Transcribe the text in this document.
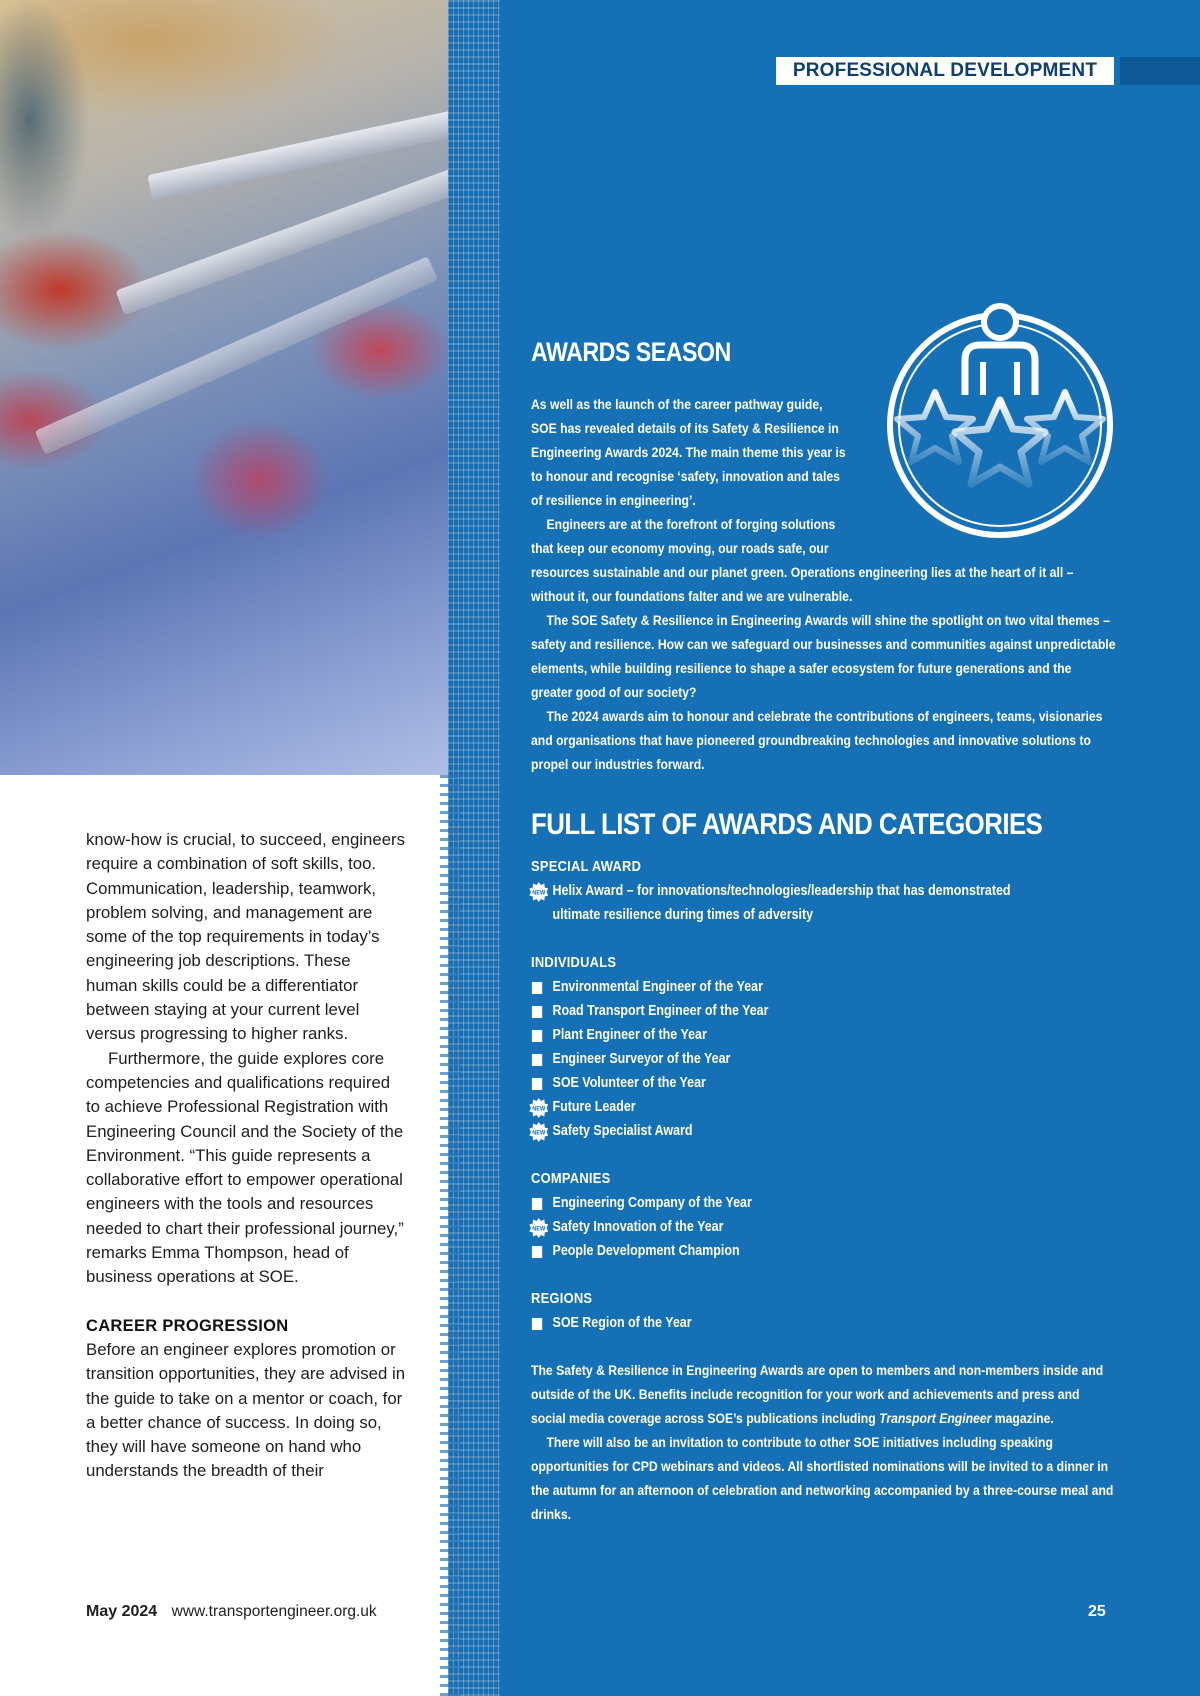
PROFESSIONAL DEVELOPMENT
AWARDS SEASON

As well as the launch of the career pathway guide, SOE has revealed details of its Safety & Resilience in Engineering Awards 2024. The main theme this year is to honour and recognise ‘safety, innovation and tales of resilience in engineering’.

Engineers are at the forefront of forging solutions that keep our economy moving, our roads safe, our

resources sustainable and our planet green. Operations engineering lies at the heart of it all – without it, our foundations falter and we are vulnerable.

The SOE Safety & Resilience in Engineering Awards will shine the spotlight on two vital themes – safety and resilience. How can we safeguard our businesses and communities against unpredictable elements, while building resilience to shape a safer ecosystem for future generations and the greater good of our society?

The 2024 awards aim to honour and celebrate the contributions of engineers, teams, visionaries and organisations that have pioneered groundbreaking technologies and innovative solutions to propel our industries forward.

FULL LIST OF AWARDS AND CATEGORIES

SPECIAL AWARD

NEW Helix Award – for innovations/technologies/leadership that has demonstrated ultimate resilience during times of adversity

INDIVIDUALS

Environmental Engineer of the Year

Road Transport Engineer of the Year

Plant Engineer of the Year

Engineer Surveyor of the Year

SOE Volunteer of the Year

NEW Future Leader

NEW Safety Specialist Award

COMPANIES

Engineering Company of the Year

NEW Safety Innovation of the Year

People Development Champion

REGIONS

SOE Region of the Year

The Safety & Resilience in Engineering Awards are open to members and non-members inside and outside of the UK. Benefits include recognition for your work and achievements and press and social media coverage across SOE’s publications including Transport Engineer magazine.

There will also be an invitation to contribute to other SOE initiatives including speaking opportunities for CPD webinars and videos. All shortlisted nominations will be invited to a dinner in the autumn for an afternoon of celebration and networking accompanied by a three-course meal and drinks.

know-how is crucial, to succeed, engineers require a combination of soft skills, too. Communication, leadership, teamwork, problem solving, and management are some of the top requirements in today’s engineering job descriptions. These human skills could be a differentiator between staying at your current level versus progressing to higher ranks.

Furthermore, the guide explores core competencies and qualifications required to achieve Professional Registration with Engineering Council and the Society of the Environment. “This guide represents a collaborative effort to empower operational engineers with the tools and resources needed to chart their professional journey,” remarks Emma Thompson, head of business operations at SOE.

CAREER PROGRESSION

Before an engineer explores promotion or transition opportunities, they are advised in the guide to take on a mentor or coach, for a better chance of success. In doing so, they will have someone on hand who understands the breadth of their

May 2024 www.transportengineer.org.uk	25
